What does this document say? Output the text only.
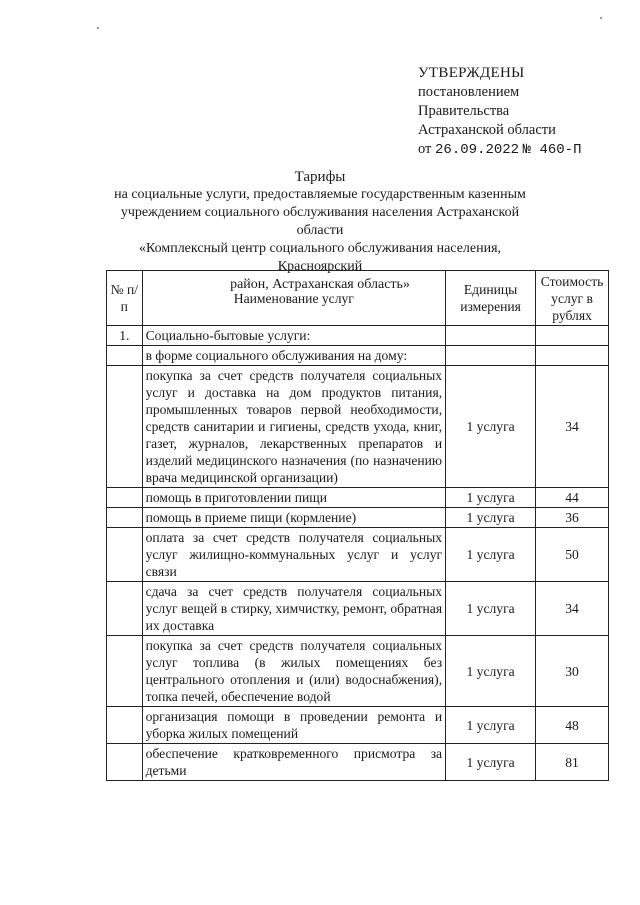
УТВЕРЖДЕНЫ
постановлением
Правительства
Астраханской области
от 26.09.2022 № 460-П
Тарифы
на социальные услуги, предоставляемые государственным казенным
учреждением социального обслуживания населения Астраханской области
«Комплексный центр социального обслуживания населения, Красноярский
район, Астраханская область»
№ п/п	Наименование услуг	Единицы измерения	Стоимость услуг в рублях
1.	Социально-бытовые услуги:		
	в форме социального обслуживания на дому:		
	покупка за счет средств получателя социальных услуг и доставка на дом продуктов питания, промышленных товаров первой необходимости, средств санитарии и гигиены, средств ухода, книг, газет, журналов, лекарственных препаратов и изделий медицинского назначения (по назначению врача медицинской организации)	1 услуга	34
	помощь в приготовлении пищи	1 услуга	44
	помощь в приеме пищи (кормление)	1 услуга	36
	оплата за счет средств получателя социальных услуг жилищно-коммунальных услуг и услуг связи	1 услуга	50
	сдача за счет средств получателя социальных услуг вещей в стирку, химчистку, ремонт, обратная их доставка	1 услуга	34
	покупка за счет средств получателя социальных услуг топлива (в жилых помещениях без центрального отопления и (или) водоснабжения), топка печей, обеспечение водой	1 услуга	30
	организация помощи в проведении ремонта и уборка жилых помещений	1 услуга	48
	обеспечение кратковременного присмотра за детьми	1 услуга	81
